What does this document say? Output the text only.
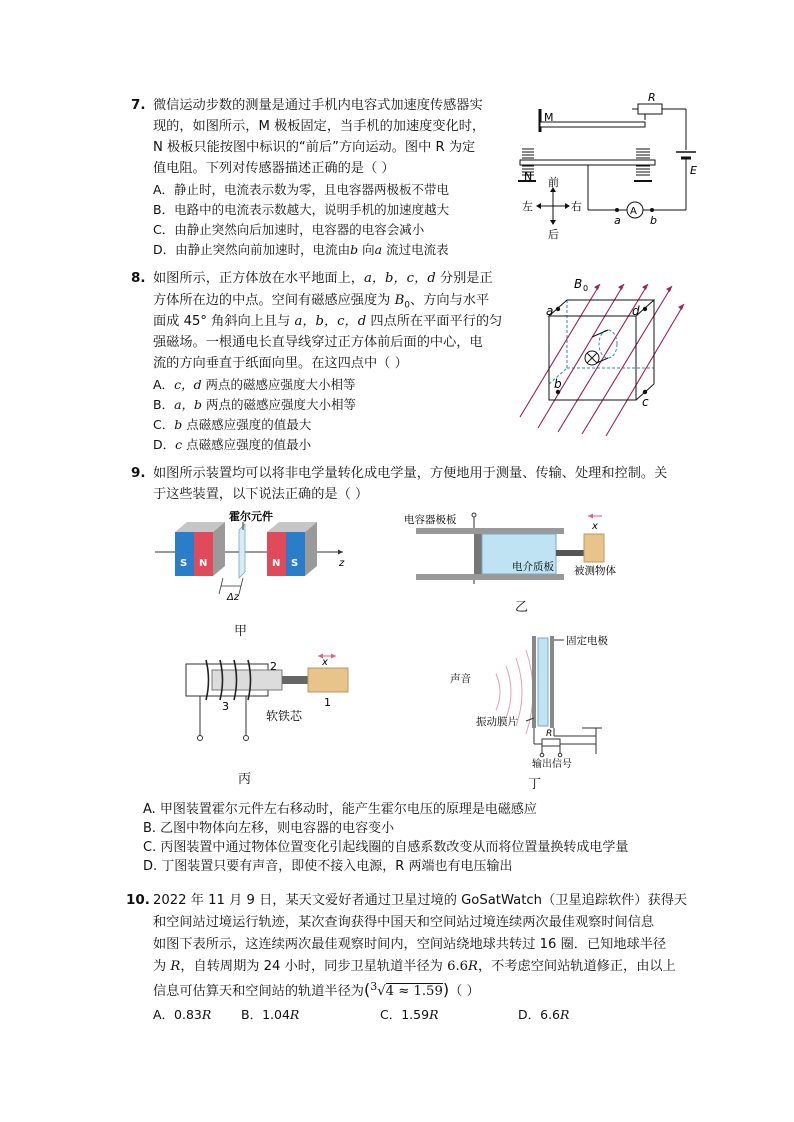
7. 微信运动步数的测量是通过手机内电容式加速度传感器实
现的，如图所示，M 极板固定，当手机的加速度变化时，
N 极板只能按图中标识的“前后”方向运动。图中 R 为定
值电阻。下列对传感器描述正确的是（ ）
A．静止时，电流表示数为零，且电容器两极板不带电
B．电路中的电流表示数越大，说明手机的加速度越大
C．由静止突然向后加速时，电容器的电容会减小
D．由静止突然向前加速时，电流由b 向a 流过电流表
M
R
E
N
a	b
A
前
后
左	右
8. 如图所示，正方体放在水平地面上，a，b，c，d 分别是正
方体所在边的中点。空间有磁感应强度为 $B_0$、方向与水平
面成 45° 角斜向上且与 a，b，c，d 四点所在平面平行的匀
强磁场。一根通电长直导线穿过正方体前后面的中心，电
流的方向垂直于纸面向里。在这四点中（ ）
A．c，d 两点的磁感应强度大小相等
B．a，b 两点的磁感应强度大小相等
C．b 点磁感应强度的值最大
D．c 点磁感应强度的值最小
a	d
b
c
B 0
9. 如图所示装置均可以将非电学量转化成电学量，方便地用于测量、传输、处理和控制。关
于这些装置，以下说法正确的是（ ）
z
S N
霍尔元件
N S
Δz
甲
电容器极板
电介质板 被测物体
x
乙
2
3	1
软铁芯
x
丙
声音
固定电极
振动膜片
R
输出信号
丁
A. 甲图装置霍尔元件左右移动时，能产生霍尔电压的原理是电磁感应
B. 乙图中物体向左移，则电容器的电容变小
C. 丙图装置中通过物体位置变化引起线圈的自感系数改变从而将位置量换转成电学量
D. 丁图装置只要有声音，即使不接入电源，R 两端也有电压输出
10. 2022 年 11 月 9 日，某天文爱好者通过卫星过境的 GoSatWatch（卫星追踪软件）获得天
和空间站过境运行轨迹，某次查询获得中国天和空间站过境连续两次最佳观察时间信息
如图下表所示，这连续两次最佳观察时间内，空间站绕地球共转过 16 圈．已知地球半径
为 R，自转周期为 24 小时，同步卫星轨道半径为 6.6R，不考虑空间站轨道修正，由以上
信息可估算天和空间站的轨道半径为($^3$√4 ≈ 1.59)（ ）
A．0.83R B．1.04R	C．1.59R	D．6.6R
